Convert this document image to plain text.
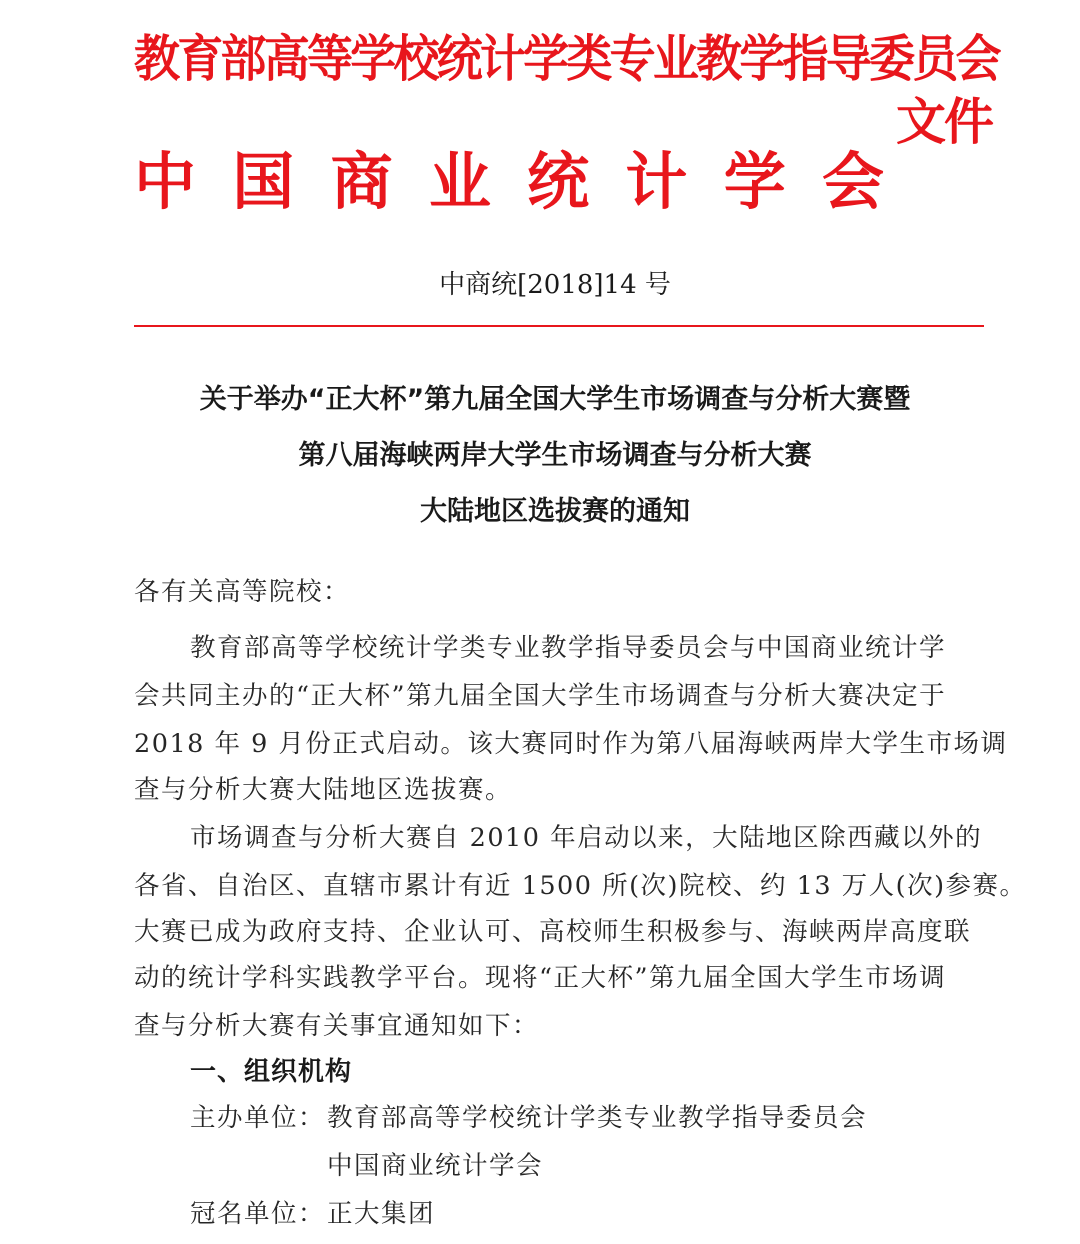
教育部高等学校统计学类专业教学指导委员会
中 国 商 业 统 计 学 会
文件
中商统[2018]14 号
关于举办“正大杯”第九届全国大学生市场调查与分析大赛暨
第八届海峡两岸大学生市场调查与分析大赛
大陆地区选拔赛的通知
各有关高等院校：
教育部高等学校统计学类专业教学指导委员会与中国商业统计学
会共同主办的“正大杯”第九届全国大学生市场调查与分析大赛决定于
2018 年 9 月份正式启动。该大赛同时作为第八届海峡两岸大学生市场调
查与分析大赛大陆地区选拔赛。
市场调查与分析大赛自 2010 年启动以来，大陆地区除西藏以外的
各省、自治区、直辖市累计有近 1500 所(次)院校、约 13 万人(次)参赛。
大赛已成为政府支持、企业认可、高校师生积极参与、海峡两岸高度联
动的统计学科实践教学平台。现将“正大杯”第九届全国大学生市场调
查与分析大赛有关事宜通知如下：
一、组织机构
主办单位： 教育部高等学校统计学类专业教学指导委员会
中国商业统计学会
冠名单位： 正大集团
